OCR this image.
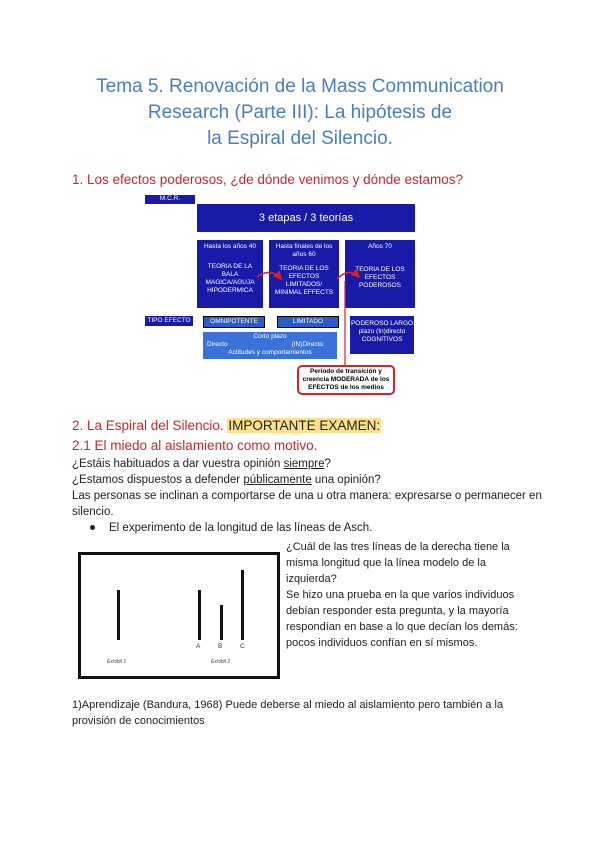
Tema 5. Renovación de la Mass Communication
Research (Parte III): La hipótesis de
la Espiral del Silencio.
1. Los efectos poderosos, ¿de dónde venimos y dónde estamos?
M.C.R.
3 etapas / 3 teorías
Hasta los años 40
TEORIA DE LA BALA MAGICA/AGUJA HIPODERMICA
Hasta finales de los años 60
TEORIA DE LOS EFECTOS LIMITADOS/ MINIMAL EFFECTS
Años 70
TEORIA DE LOS EFECTOS PODEROSOS
TIPO EFECTO	OMNIPOTENTE	LIMITADO	PODEROSO LARGO plazo (In)directo COGNITIVOS
Corto plazo
Directo	(IN)Directo
Actitudes y comportamientos
Periodo de transición y creencia MODERADA de los EFECTOS de los medios
2. La Espiral del Silencio. IMPORTANTE EXAMEN:
2.1 El miedo al aislamiento como motivo.

¿Estáis habituados a dar vuestra opinión siempre?

¿Estamos dispuestos a defender públicamente una opinión?

Las personas se inclinan a comportarse de una u otra manera: expresarse o permanecer en

silencio.

El experimento de la longitud de las líneas de Asch.
A	B	C
Exhibit 1	Exhibit 2

¿Cuál de las tres líneas de la derecha tiene la

misma longitud que la línea modelo de la

izquierda?

Se hizo una prueba en la que varios individuos

debían responder esta pregunta, y la mayoría

respondían en base a lo que decían los demás:

pocos individuos confían en sí mismos.

1)Aprendizaje (Bandura, 1968) Puede deberse al miedo al aislamiento pero también a la

provisión de conocimientos
